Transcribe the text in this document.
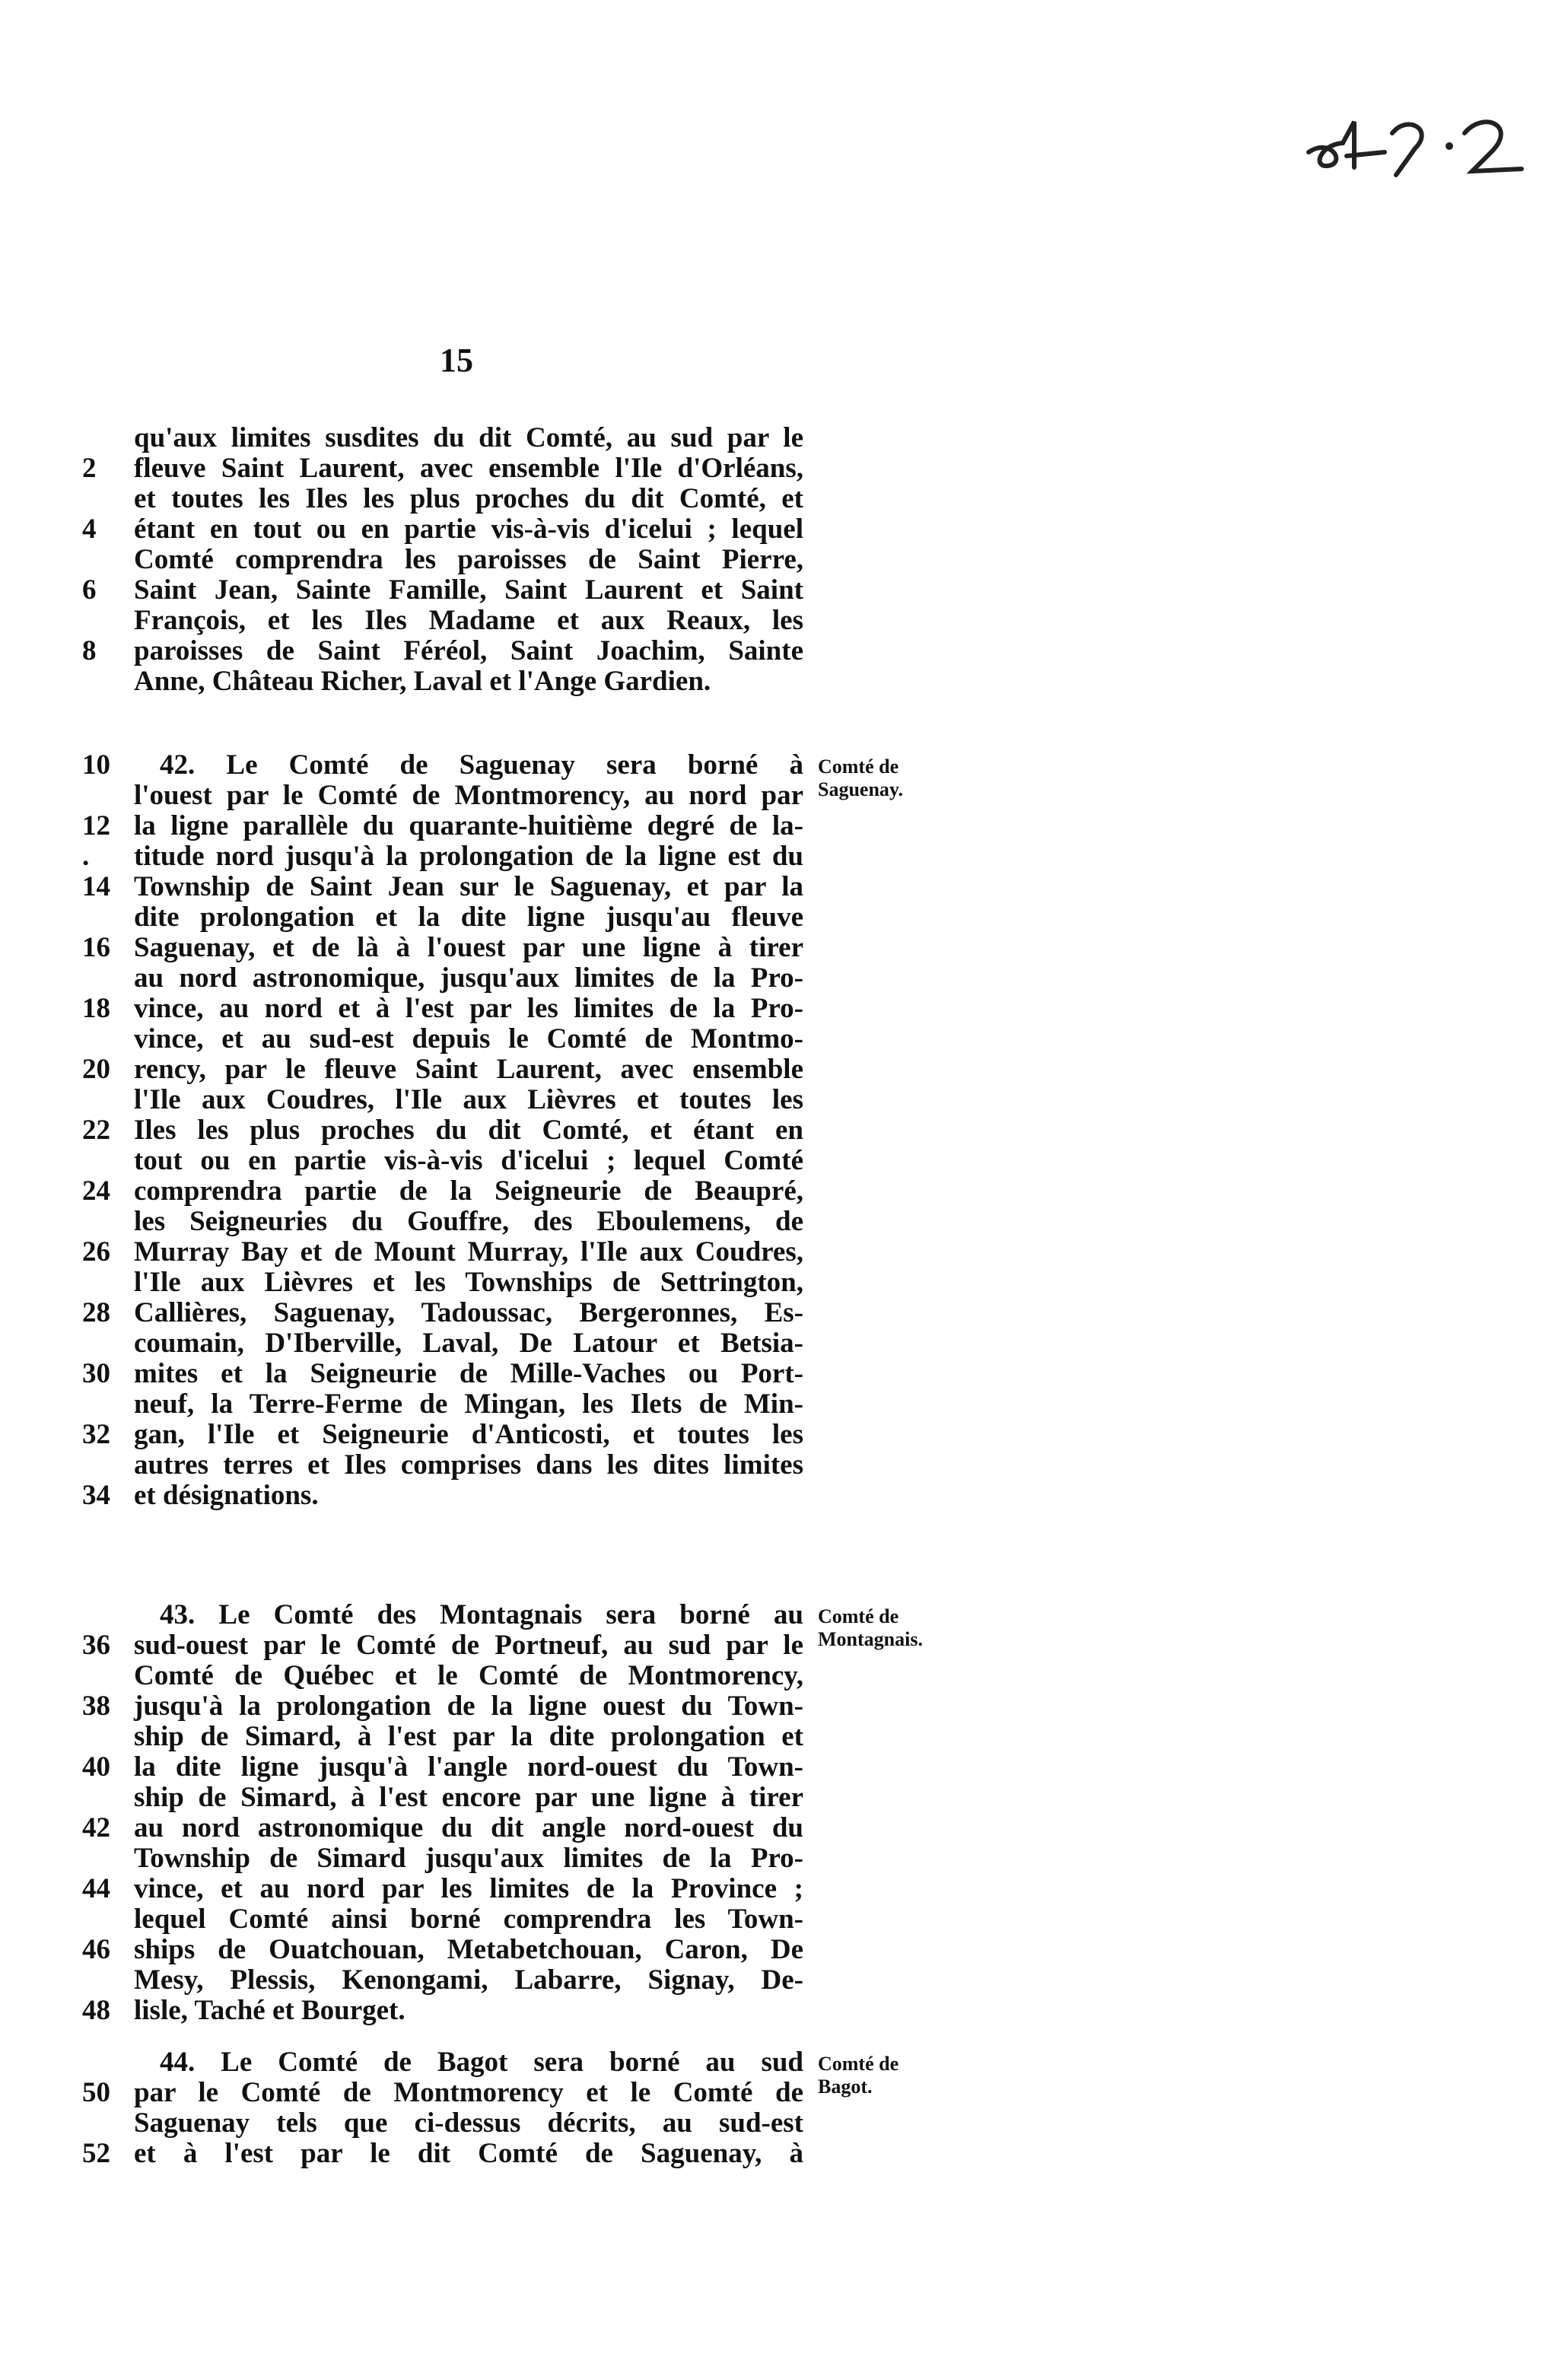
15
qu'aux limites susdites du dit Comté, au sud par le
2	fleuve Saint Laurent, avec ensemble l'Ile d'Orléans,
et toutes les Iles les plus proches du dit Comté, et
4	étant en tout ou en partie vis-à-vis d'icelui ; lequel
Comté comprendra les paroisses de Saint Pierre,
6	Saint Jean, Sainte Famille, Saint Laurent et Saint
François, et les Iles Madame et aux Reaux, les
8	paroisses de Saint Féréol, Saint Joachim, Sainte
Anne, Château Richer, Laval et l'Ange Gardien.
Comté de
Saguenay.
10	42. Le Comté de Saguenay sera borné à
l'ouest par le Comté de Montmorency, au nord par
12 la ligne parallèle du quarante-huitième degré de la-
.	titude nord jusqu'à la prolongation de la ligne est du
14 Township de Saint Jean sur le Saguenay, et par la
dite prolongation et la dite ligne jusqu'au fleuve
16 Saguenay, et de là à l'ouest par une ligne à tirer
au nord astronomique, jusqu'aux limites de la Pro-
18 vince, au nord et à l'est par les limites de la Pro-
vince, et au sud-est depuis le Comté de Montmo-
20 rency, par le fleuve Saint Laurent, avec ensemble
l'Ile aux Coudres, l'Ile aux Lièvres et toutes les
22 Iles les plus proches du dit Comté, et étant en
tout ou en partie vis-à-vis d'icelui ; lequel Comté
24 comprendra partie de la Seigneurie de Beaupré,
les Seigneuries du Gouffre, des Eboulemens, de
26 Murray Bay et de Mount Murray, l'Ile aux Coudres,
l'Ile aux Lièvres et les Townships de Settrington,
28 Callières, Saguenay, Tadoussac, Bergeronnes, Es-
coumain, D'Iberville, Laval, De Latour et Betsia-
30 mites et la Seigneurie de Mille-Vaches ou Port-
neuf, la Terre-Ferme de Mingan, les Ilets de Min-
32 gan, l'Ile et Seigneurie d'Anticosti, et toutes les
autres terres et Iles comprises dans les dites limites
34 et désignations.
Comté de
Montagnais.
43. Le Comté des Montagnais sera borné au
36 sud-ouest par le Comté de Portneuf, au sud par le
Comté de Québec et le Comté de Montmorency,
38 jusqu'à la prolongation de la ligne ouest du Town-
ship de Simard, à l'est par la dite prolongation et
40 la dite ligne jusqu'à l'angle nord-ouest du Town-
ship de Simard, à l'est encore par une ligne à tirer
42 au nord astronomique du dit angle nord-ouest du
Township de Simard jusqu'aux limites de la Pro-
44 vince, et au nord par les limites de la Province ;
lequel Comté ainsi borné comprendra les Town-
46 ships de Ouatchouan, Metabetchouan, Caron, De
Mesy, Plessis, Kenongami, Labarre, Signay, De-
48 lisle, Taché et Bourget.
Comté de
Bagot.
44. Le Comté de Bagot sera borné au sud
50 par le Comté de Montmorency et le Comté de
Saguenay tels que ci-dessus décrits, au sud-est
52 et à l'est par le dit Comté de Saguenay, à
